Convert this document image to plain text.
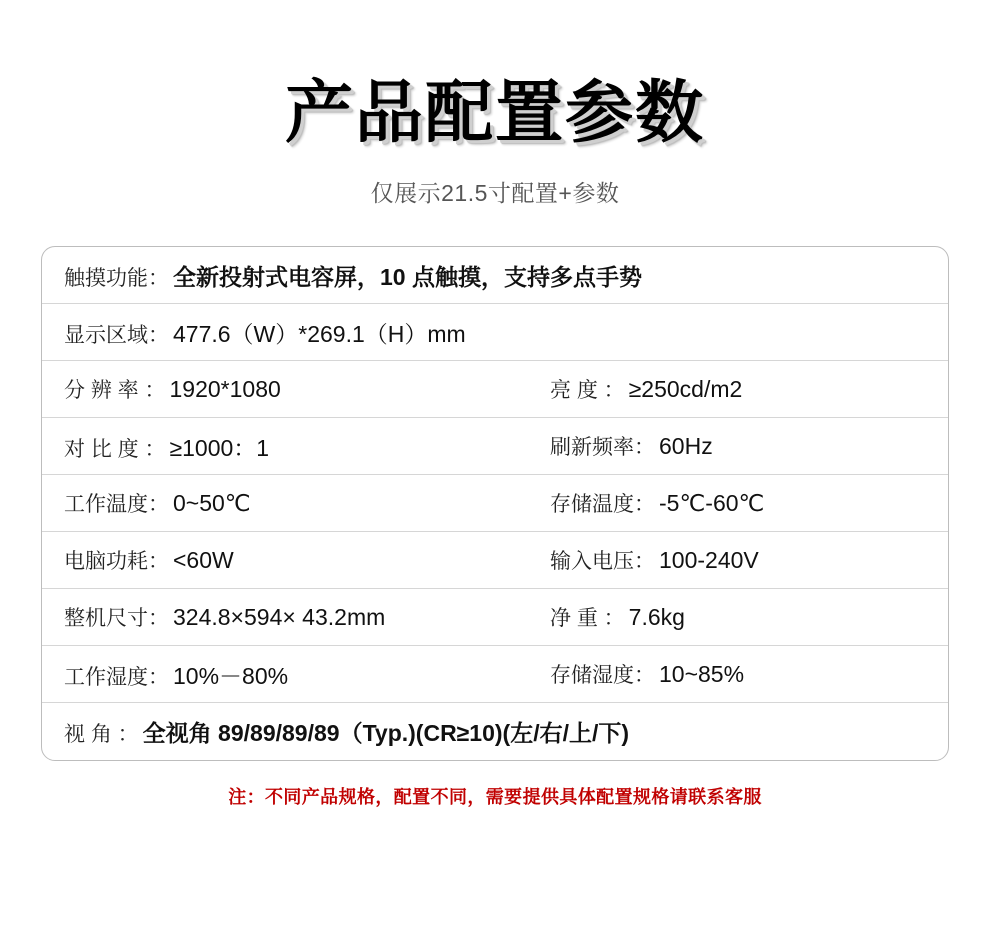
产品配置参数
仅展示21.5寸配置+参数
触摸功能： 全新投射式电容屏，10 点触摸，支持多点手势
显示区域： 477.6（W）*269.1（H）mm
分 辨 率 ： 1920*1080	亮 度 ： ≥250cd/m2
对 比 度 ： ≥1000：1	刷新频率： 60Hz
工作温度： 0~50℃	存储温度： -5℃-60℃
电脑功耗： <60W	输入电压： 100-240V
整机尺寸： 324.8×594× 43.2mm	净 重 ： 7.6kg
工作湿度： 10%－80%	存储湿度： 10~85%
视 角 ： 全视角 89/89/89/89（Typ.)(CR≥10)(左/右/上/下)
注：不同产品规格，配置不同，需要提供具体配置规格请联系客服
